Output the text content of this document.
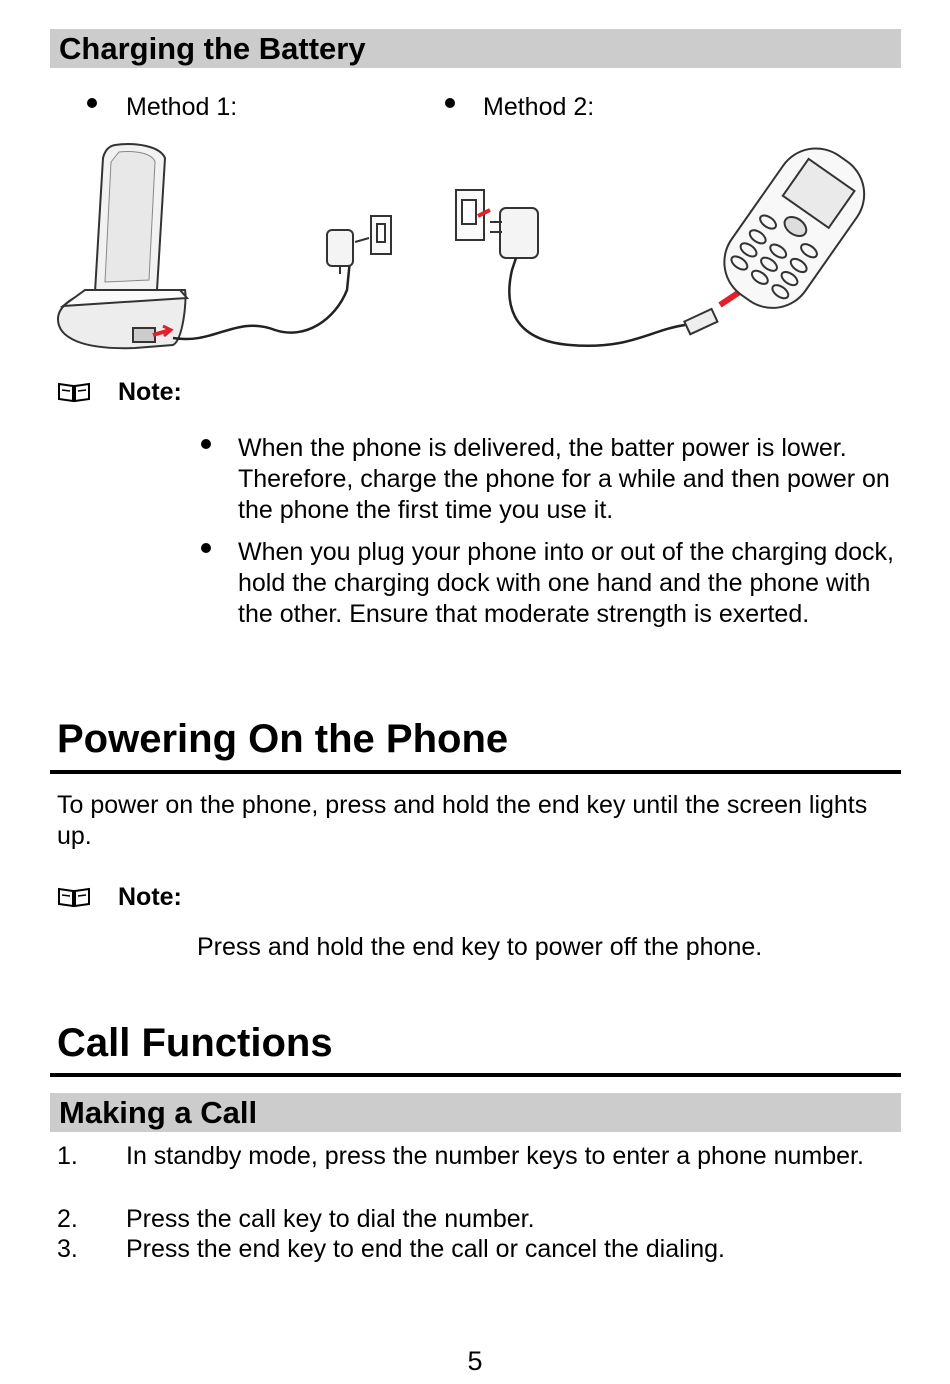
Charging the Battery
Method 1:	Method 2:
Note:
When the phone is delivered, the batter power is lower. Therefore, charge the phone for a while and then power on the phone the first time you use it.
When you plug your phone into or out of the charging dock, hold the charging dock with one hand and the phone with the other. Ensure that moderate strength is exerted.
Powering On the Phone
To power on the phone, press and hold the end key until the screen lights up.
Note:
Press and hold the end key to power off the phone.
Call Functions
Making a Call
1. In standby mode, press the number keys to enter a phone number.
2. Press the call key to dial the number.
3. Press the end key to end the call or cancel the dialing.
5
